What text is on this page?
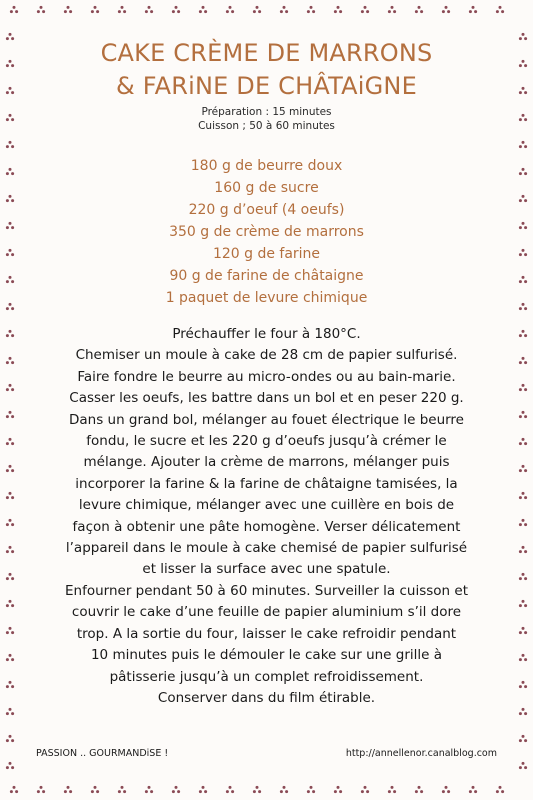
CAKE CRÈME DE MARRONS
& FARiNE DE CHÂTAiGNE
Préparation : 15 minutes
Cuisson ; 50 à 60 minutes
180 g de beurre doux
160 g de sucre
220 g d’oeuf (4 oeufs)
350 g de crème de marrons
120 g de farine
90 g de farine de châtaigne
1 paquet de levure chimique
Préchauffer le four à 180°C.
Chemiser un moule à cake de 28 cm de papier sulfurisé.
Faire fondre le beurre au micro-ondes ou au bain-marie.
Casser les oeufs, les battre dans un bol et en peser 220 g.
Dans un grand bol, mélanger au fouet électrique le beurre
fondu, le sucre et les 220 g d’oeufs jusqu’à crémer le
mélange. Ajouter la crème de marrons, mélanger puis
incorporer la farine & la farine de châtaigne tamisées, la
levure chimique, mélanger avec une cuillère en bois de
façon à obtenir une pâte homogène. Verser délicatement
l’appareil dans le moule à cake chemisé de papier sulfurisé
et lisser la surface avec une spatule.
Enfourner pendant 50 à 60 minutes. Surveiller la cuisson et
couvrir le cake d’une feuille de papier aluminium s’il dore
trop. A la sortie du four, laisser le cake refroidir pendant
10 minutes puis le démouler le cake sur une grille à
pâtisserie jusqu’à un complet refroidissement.
Conserver dans du film étirable.
PASSION .. GOURMANDiSE !	http://annellenor.canalblog.com
